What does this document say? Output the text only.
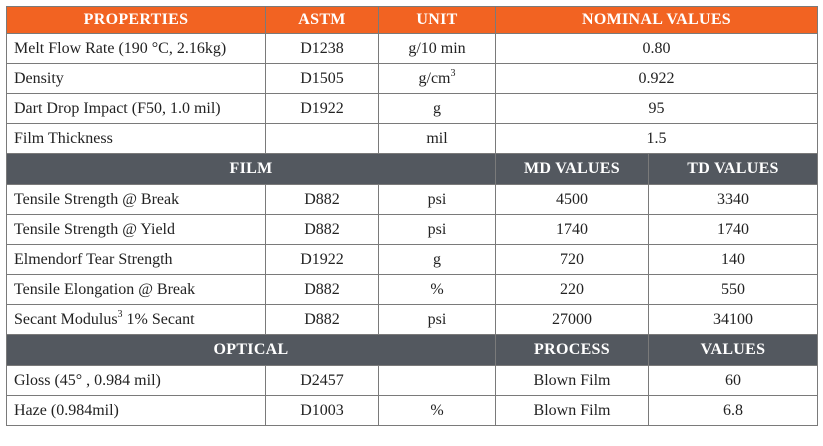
PROPERTIES	ASTM	UNIT	NOMINAL VALUES	
Melt Flow Rate (190 °C, 2.16kg)	D1238	g/10 min	0.80	
Density	D1505	$g/cm^3$	0.922	
Dart Drop Impact (F50, 1.0 mil)	D1922	g	95	
Film Thickness		mil	1.5	
FILM			MD VALUES	TD VALUES
Tensile Strength @ Break	D882	psi	4500	3340
Tensile Strength @ Yield	D882	psi	1740	1740
Elmendorf Tear Strength	D1922	g	720	140
Tensile Elongation @ Break	D882	%	220	550
Secant Modulus$^3$ 1% Secant	D882	psi	27000	34100
OPTICAL			PROCESS	VALUES
Gloss (45° , 0.984 mil)	D2457		Blown Film	60
Haze (0.984mil)	D1003	%	Blown Film	6.8
